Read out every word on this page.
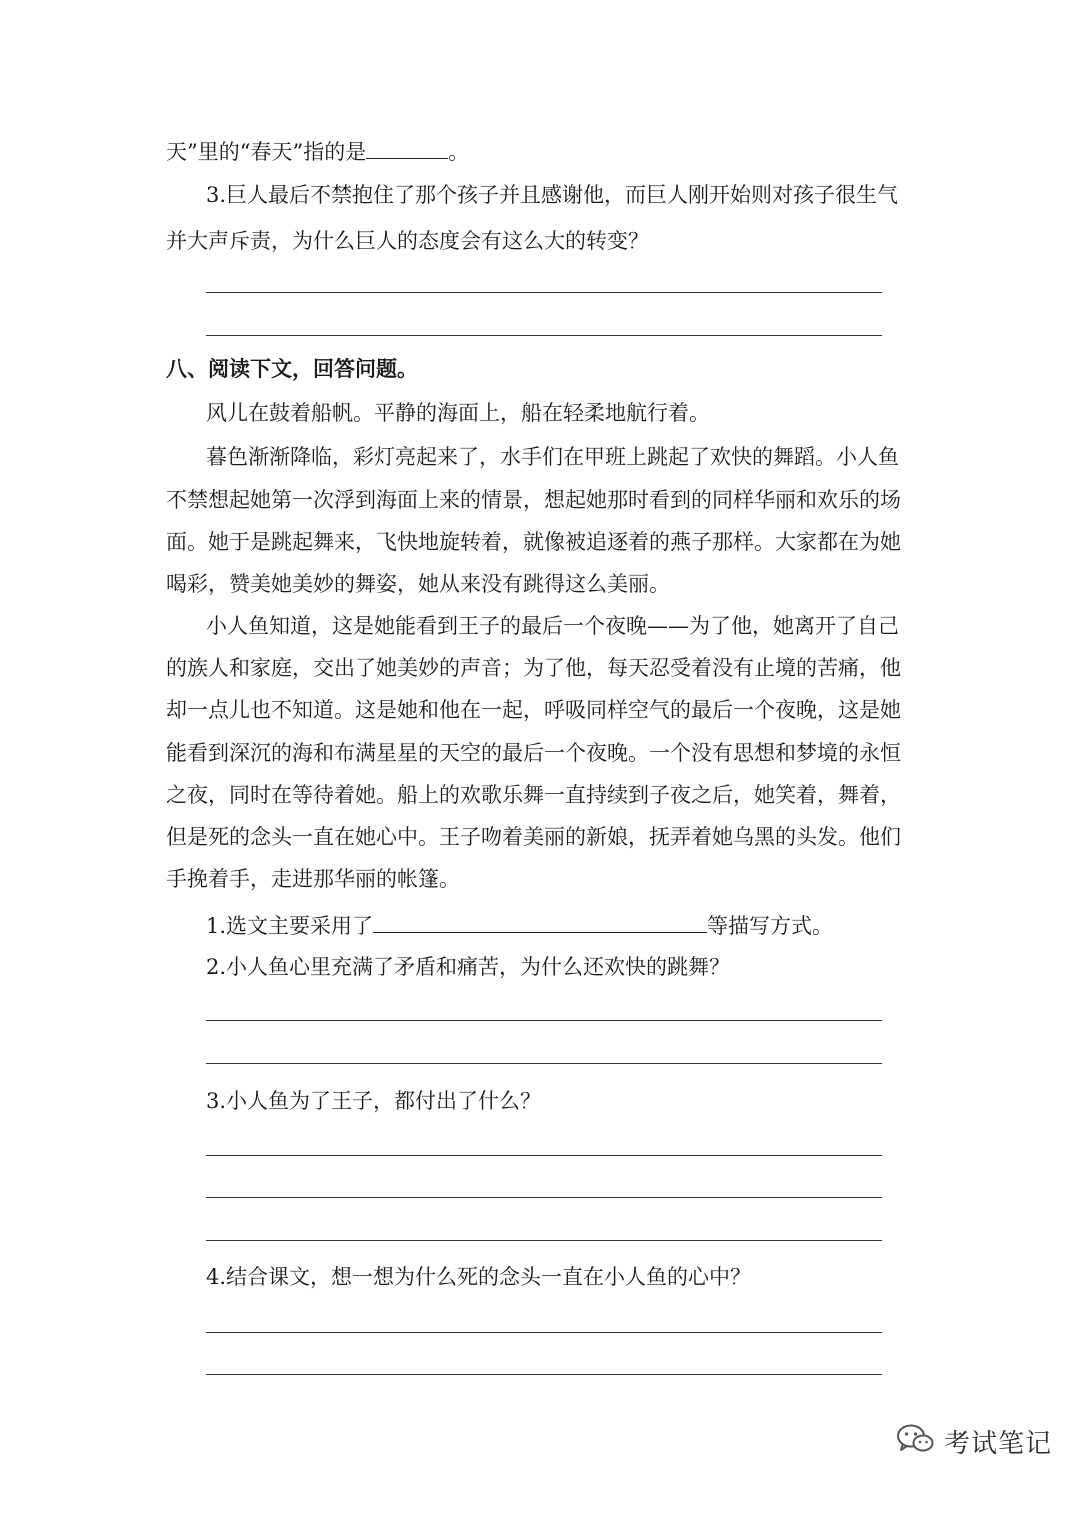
天”里的“春天”指的是	。
3.巨人最后不禁抱住了那个孩子并且感谢他，而巨人刚开始则对孩子很生气
并大声斥责，为什么巨人的态度会有这么大的转变？
八、阅读下文，回答问题。
风儿在鼓着船帆。平静的海面上，船在轻柔地航行着。
暮色渐渐降临，彩灯亮起来了，水手们在甲班上跳起了欢快的舞蹈。小人鱼
不禁想起她第一次浮到海面上来的情景，想起她那时看到的同样华丽和欢乐的场
面。她于是跳起舞来，飞快地旋转着，就像被追逐着的燕子那样。大家都在为她
喝彩，赞美她美妙的舞姿，她从来没有跳得这么美丽。
小人鱼知道，这是她能看到王子的最后一个夜晚——为了他，她离开了自己
的族人和家庭，交出了她美妙的声音；为了他，每天忍受着没有止境的苦痛，他
却一点儿也不知道。这是她和他在一起，呼吸同样空气的最后一个夜晚，这是她
能看到深沉的海和布满星星的天空的最后一个夜晚。一个没有思想和梦境的永恒
之夜，同时在等待着她。船上的欢歌乐舞一直持续到子夜之后，她笑着，舞着，
但是死的念头一直在她心中。王子吻着美丽的新娘，抚弄着她乌黑的头发。他们
手挽着手，走进那华丽的帐篷。
1.选文主要采用了	等描写方式。
2.小人鱼心里充满了矛盾和痛苦，为什么还欢快的跳舞？
3.小人鱼为了王子，都付出了什么？
4.结合课文，想一想为什么死的念头一直在小人鱼的心中？
考试笔记
